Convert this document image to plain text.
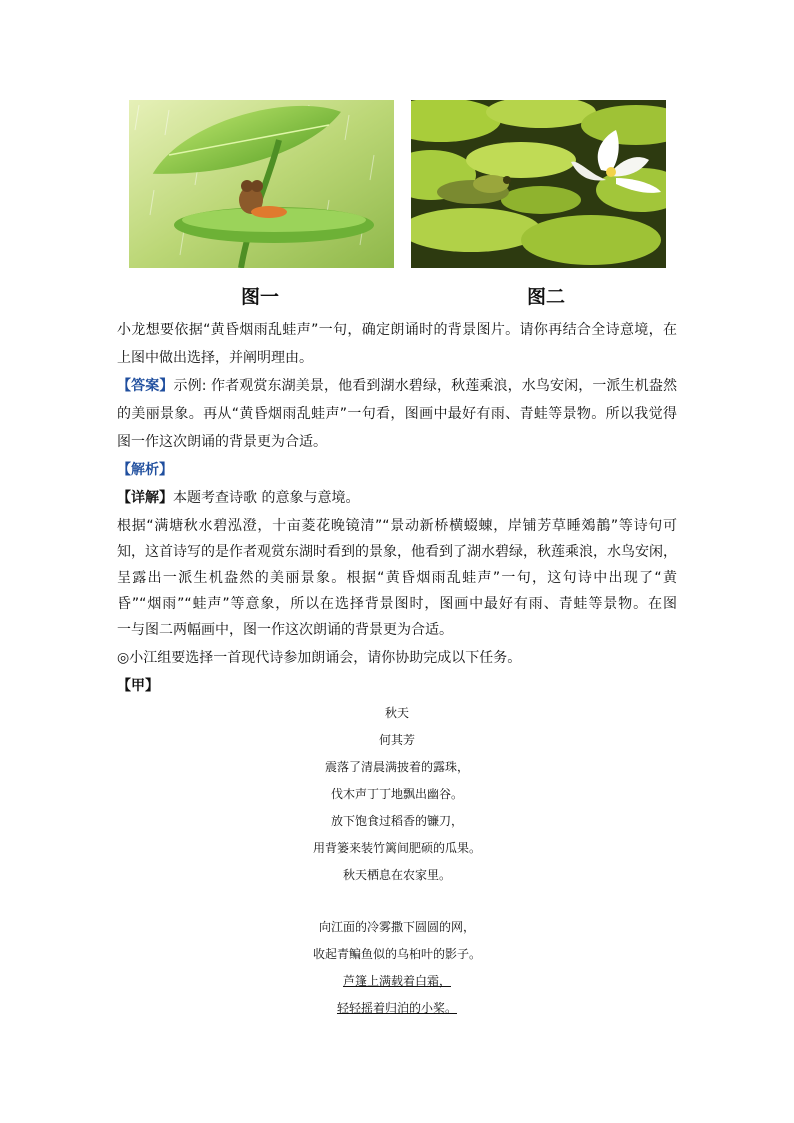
图一	图二
小龙想要依据“黄昏烟雨乱蛙声”一句，确定朗诵时的背景图片。请你再结合全诗意境，在
上图中做出选择，并阐明理由。
【答案】示例: 作者观赏东湖美景，他看到湖水碧绿，秋莲乘浪，水鸟安闲，一派生机盎然
的美丽景象。再从“黄昏烟雨乱蛙声”一句看，图画中最好有雨、青蛙等景物。所以我觉得
图一作这次朗诵的背景更为合适。
【解析】
【详解】本题考查诗歌 的意象与意境。
根据“满塘秋水碧泓澄，十亩菱花晚镜清”“景动新桥横蝃蝀，岸铺芳草睡鵁鶄”等诗句可
知，这首诗写的是作者观赏东湖时看到的景象，他看到了湖水碧绿，秋莲乘浪，水鸟安闲，
呈露出一派生机盎然的美丽景象。根据“黄昏烟雨乱蛙声”一句，这句诗中出现了“黄
昏”“烟雨”“蛙声”等意象，所以在选择背景图时，图画中最好有雨、青蛙等景物。在图
一与图二两幅画中，图一作这次朗诵的背景更为合适。
◎小江组要选择一首现代诗参加朗诵会，请你协助完成以下任务。
【甲】
秋天
何其芳
震落了清晨满披着的露珠，
伐木声丁丁地飘出幽谷。
放下饱食过稻香的镰刀，
用背篓来装竹篱间肥硕的瓜果。
秋天栖息在农家里。
向江面的冷雾撒下圆圆的网，
收起青鳊鱼似的乌桕叶的影子。
芦篷上满载着白霜，
轻轻摇着归泊的小桨。
